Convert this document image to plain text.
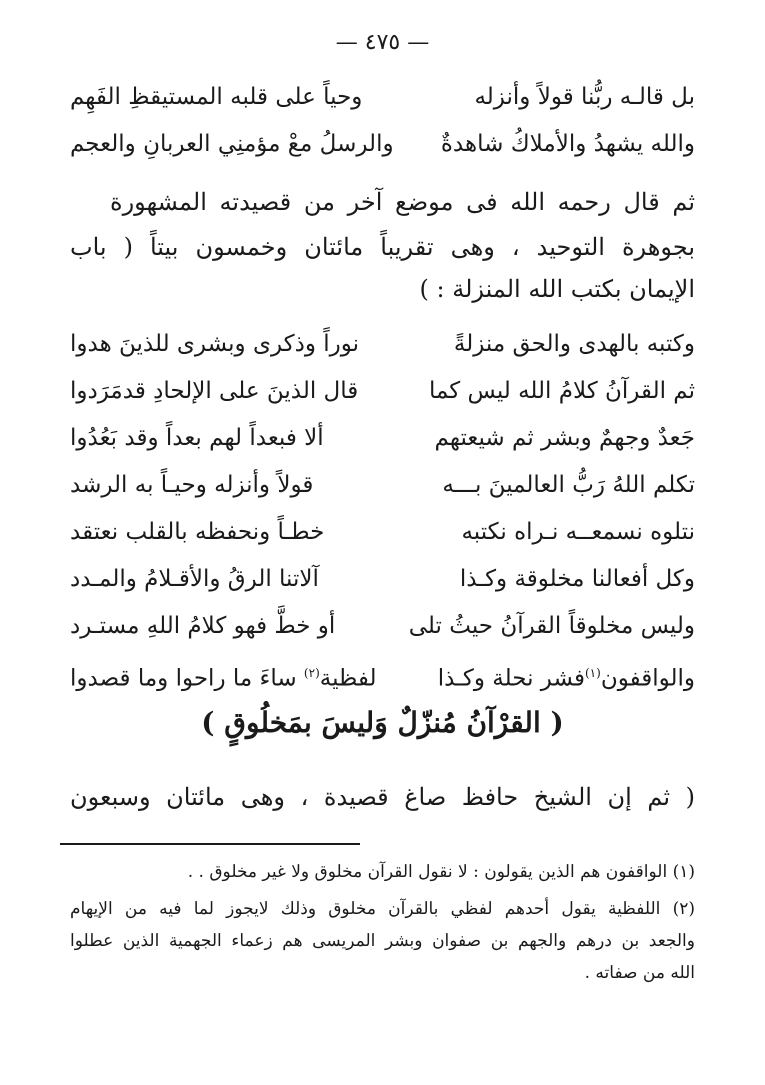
— ٤٧٥ —
بل قالـه ربُّنا قولاً وأنزله
وحياً على قلبه المستيقظِ الفَهِم
والله يشهدُ والأملاكُ شاهدةٌ
والرسلُ معْ مؤمنِي العربانِ والعجم
ثم قال رحمه الله فى موضع آخر من قصيدته المشهورة
بجوهرة التوحيد ، وهى تقريباً مائتان وخمسون بيتاً ( باب
الإيمان بكتب الله المنزلة : )
وكتبه بالهدى والحق منزلةً
نوراً وذكرى وبشرى للذينَ هدوا
ثم القرآنُ كلامُ الله ليس كما
قال الذينَ على الإلحادِ قدمَرَدوا
جَعدٌ وجهمٌ وبشر ثم شيعتهم
ألا فبعداً لهم بعداً وقد بَعُدُوا
تكلم اللهُ رَبُّ العالمينَ بـــه
قولاً وأنزله وحيـاً به الرشد
نتلوه نسمعــه نـراه نكتبه
خطـاً ونحفظه بالقلب نعتقد
وكل أفعالنا مخلوقة وكـذا
آلاتنا الرقُ والأقـلامُ والمـدد
وليس مخلوقاً القرآنُ حيثُ تلى
أو خطَّ فهو كلامُ اللهِ مستـرد
والواقفون$^{(١)}$فشر نحلة وكـذا
لفظية$^{(٢)}$ ساءَ ما راحوا وما قصدوا
( القرْآنُ مُنزّلٌ وَليسَ بمَخلُوقٍ )
( ثم إن الشيخ حافظ صاغ قصيدة ، وهى مائتان وسبعون
(١) الواقفون هم الذين يقولون : لا نقول القرآن مخلوق ولا غير مخلوق . .
(٢) اللفظية يقول أحدهم لفظي بالقرآن مخلوق وذلك لايجوز لما فيه من الإيهام
والجعد بن درهم والجهم بن صفوان وبشر المريسى هم زعماء الجهمية الذين عطلوا
الله من صفاته .
